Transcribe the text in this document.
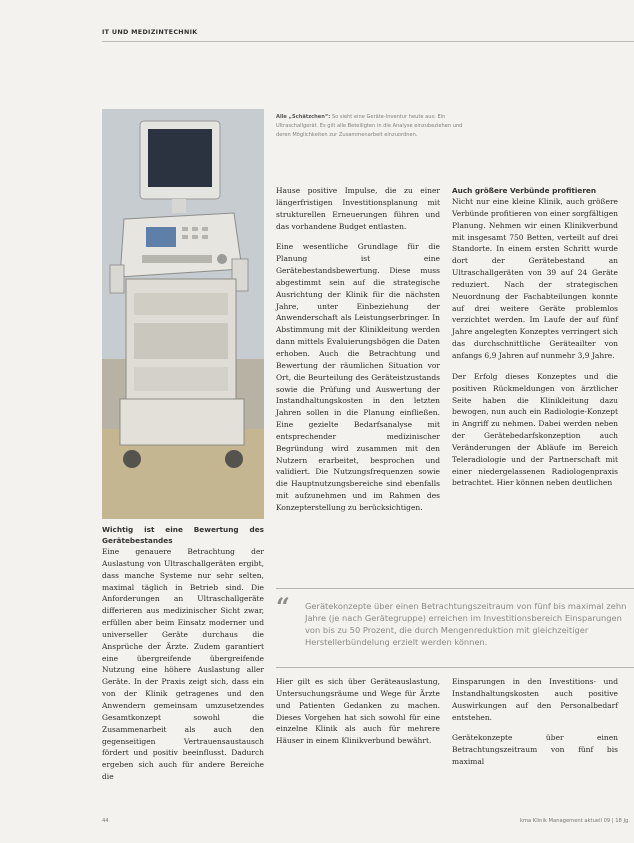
IT UND MEDIZINTECHNIK
Alle „Schätzchen“: So sieht eine Geräte-Inventur heute aus: Ein Ultraschallgerät. Es gilt alle Beteiligten in die Analyse einzubeziehen und deren Möglichkeiten zur Zusammenarbeit einzuordnen.
Wichtig ist eine Bewertung des Gerätebestandes

Eine genauere Betrachtung der Auslastung von Ultraschallgeräten ergibt, dass manche Systeme nur sehr selten, maximal täglich in Betrieb sind. Die Anforderungen an Ultraschallgeräte differieren aus medizinischer Sicht zwar, erfüllen aber beim Einsatz moderner und universeller Geräte durchaus die Ansprüche der Ärzte. Zudem garantiert eine übergreifende übergreifende Nutzung eine höhere Auslastung aller Geräte. In der Praxis zeigt sich, dass ein von der Klinik getragenes und den Anwendern gemeinsam umzusetzendes Gesamtkonzept sowohl die Zusammenarbeit als auch den gegenseitigen Vertrauensaustausch fördert und positiv beeinflusst. Dadurch ergeben sich auch für andere Bereiche die

Hause positive Impulse, die zu einer längerfristigen Investitionsplanung mit strukturellen Erneuerungen führen und das vorhandene Budget entlasten.

Eine wesentliche Grundlage für die Planung ist eine Gerätebestandsbewertung. Diese muss abgestimmt sein auf die strategische Ausrichtung der Klinik für die nächsten Jahre, unter Einbeziehung der Anwenderschaft als Leistungserbringer. In Abstimmung mit der Klinikleitung werden dann mittels Evaluierungsbögen die Daten erhoben. Auch die Betrachtung und Bewertung der räumlichen Situation vor Ort, die Beurteilung des Geräteistzustands sowie die Prüfung und Auswertung der Instandhaltungskosten in den letzten Jahren sollen in die Planung einfließen. Eine gezielte Bedarfsanalyse mit entsprechender medizinischer Begründung wird zusammen mit den Nutzern erarbeitet, besprochen und validiert. Die Nutzungsfrequenzen sowie die Hauptnutzungsbereiche sind ebenfalls mit aufzunehmen und im Rahmen des Konzepterstellung zu berücksichtigen.

Auch größere Verbünde profitieren

Nicht nur eine kleine Klinik, auch größere Verbünde profitieren von einer sorgfältigen Planung. Nehmen wir einen Klinikverbund mit insgesamt 750 Betten, verteilt auf drei Standorte. In einem ersten Schritt wurde dort der Gerätebestand an Ultraschallgeräten von 39 auf 24 Geräte reduziert. Nach der strategischen Neuordnung der Fachabteilungen konnte auf drei weitere Geräte problemlos verzichtet werden. Im Laufe der auf fünf Jahre angelegten Konzeptes verringert sich das durchschnittliche Geräteailter von anfangs 6,9 Jahren auf nunmehr 3,9 Jahre.

Der Erfolg dieses Konzeptes und die positiven Rückmeldungen von ärztlicher Seite haben die Klinikleitung dazu bewogen, nun auch ein Radiologie-Konzept in Angriff zu nehmen. Dabei werden neben der Gerätebedarfskonzeption auch Veränderungen der Abläufe im Bereich Teleradiologie und der Partnerschaft mit einer niedergelassenen Radiologenpraxis betrachtet. Hier können neben deutlichen

“ Gerätekonzepte über einen Betrachtungszeitraum von fünf bis maximal zehn Jahre (je nach Gerätegruppe) erreichen im Investitionsbereich Einsparungen von bis zu 50 Prozent, die durch Mengenreduktion mit gleichzeitiger Herstellerbündelung erzielt werden können.

Hier gilt es sich über Geräteauslastung, Untersuchungsräume und Wege für Ärzte und Patienten Gedanken zu machen. Dieses Vorgehen hat sich sowohl für eine einzelne Klinik als auch für mehrere Häuser in einem Klinikverbund bewährt.

Einsparungen in den Investitions- und Instandhaltungskosten auch positive Auswirkungen auf den Personalbedarf entstehen.

Gerätekonzepte über einen Betrachtungszeitraum von fünf bis maximal

44	kma Klinik Management aktuell 09 | 18 Jg.
